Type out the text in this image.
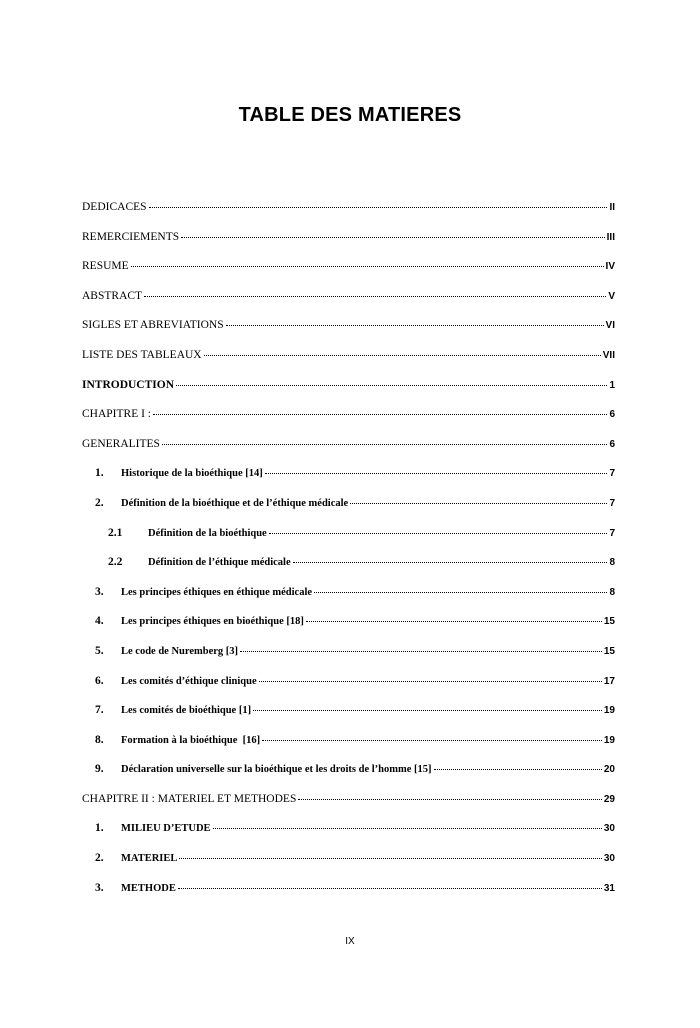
TABLE DES MATIERES
DEDICACES	II
REMERCIEMENTS	III
RESUME	IV
ABSTRACT	V
SIGLES ET ABREVIATIONS	VI
LISTE DES TABLEAUX	VII
INTRODUCTION	1
CHAPITRE I :	6
GENERALITES	6
1.	Historique de la bioéthique [14]	7
2.	Définition de la bioéthique et de l’éthique médicale	7
2.1	Définition de la bioéthique	7
2.2	Définition de l’éthique médicale	8
3.	Les principes éthiques en éthique médicale	8
4.	Les principes éthiques en bioéthique [18]	15
5.	Le code de Nuremberg [3]	15
6.	Les comités d’éthique clinique	17
7.	Les comités de bioéthique [1]	19
8.	Formation à la bioéthique  [16]	19
9.	Déclaration universelle sur la bioéthique et les droits de l’homme [15]	20
CHAPITRE II : MATERIEL ET METHODES	29
1.	MILIEU D’ETUDE	30
2.	MATERIEL	30
3.	METHODE	31
IX
